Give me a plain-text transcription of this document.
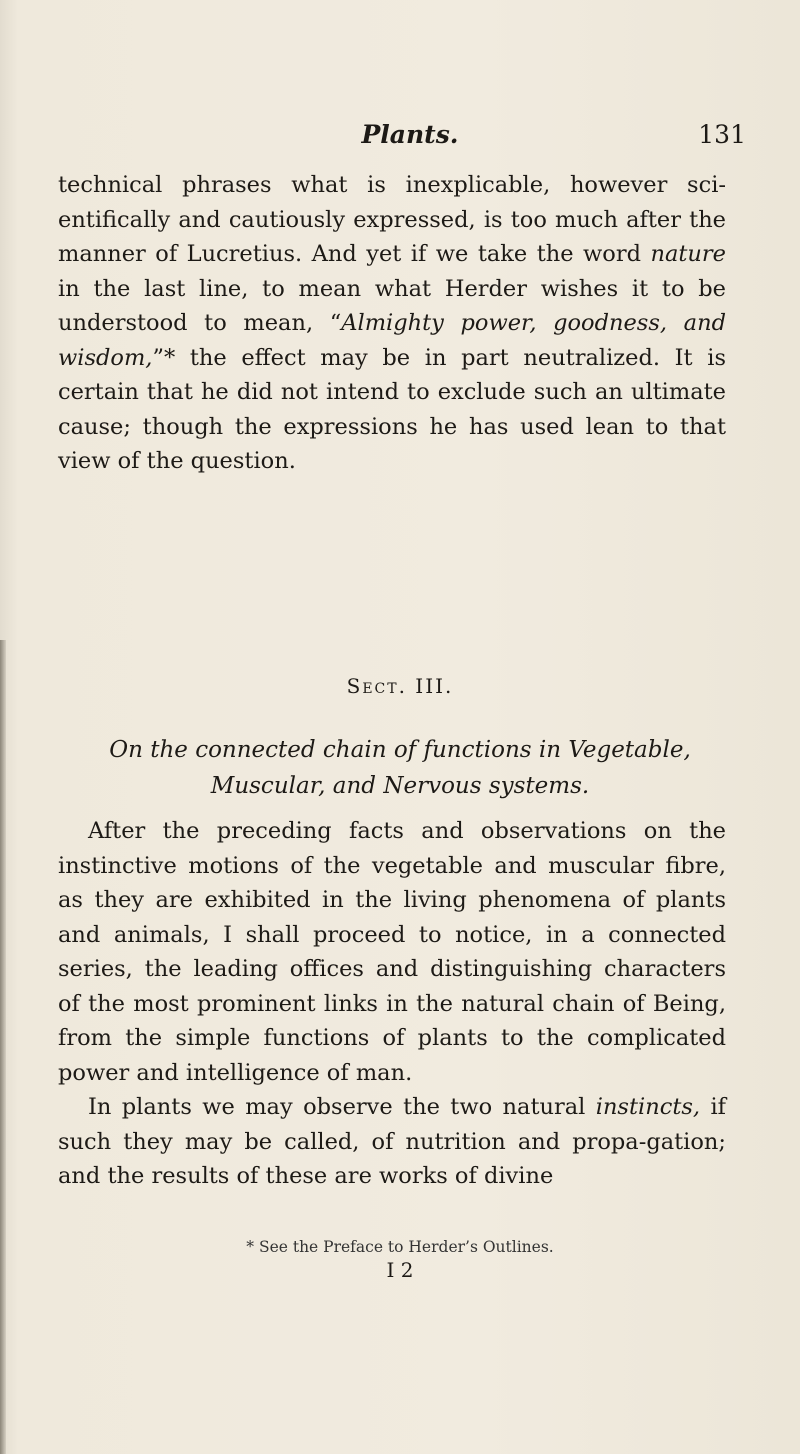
Plants.	131

technical phrases what is inexplicable, however sci-entifically and cautiously expressed, is too much after the manner of Lucretius. And yet if we take the word nature in the last line, to mean what Herder wishes it to be understood to mean, “Almighty power, goodness, and wisdom,”* the effect may be in part neutralized. It is certain that he did not intend to exclude such an ultimate cause; though the expressions he has used lean to that view of the question.

Sect. III.
On the connected chain of functions in Vegetable, Muscular, and Nervous systems.

After the preceding facts and observations on the instinctive motions of the vegetable and muscular fibre, as they are exhibited in the living phenomena of plants and animals, I shall proceed to notice, in a connected series, the leading offices and distinguishing characters of the most prominent links in the natural chain of Being, from the simple functions of plants to the complicated power and intelligence of man.

In plants we may observe the two natural instincts, if such they may be called, of nutrition and propa-gation; and the results of these are works of divine

* See the Preface to Herder’s Outlines.
I 2
